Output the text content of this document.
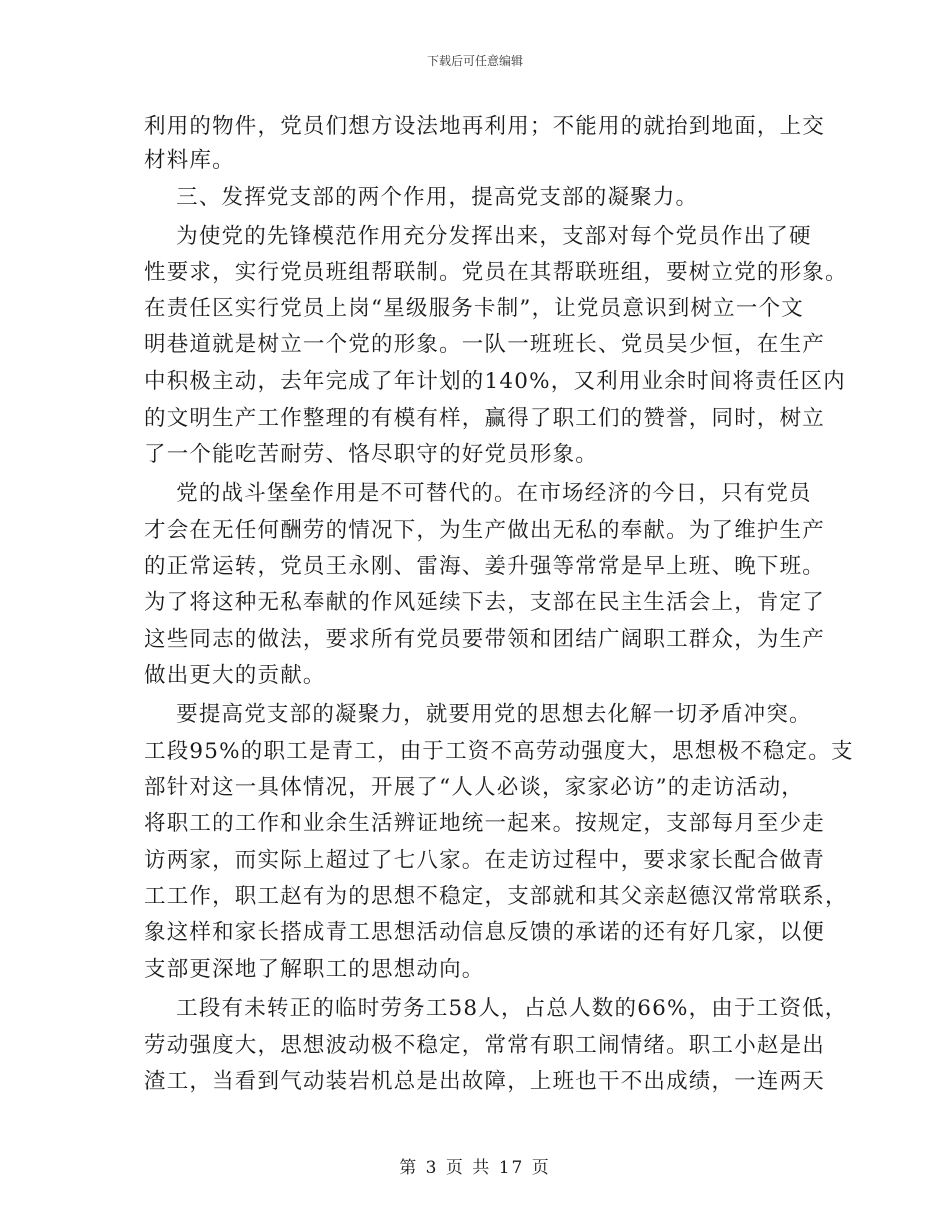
下载后可任意编辑
利用的物件，党员们想方设法地再利用；不能用的就抬到地面，上交
材料库。
三、发挥党支部的两个作用，提高党支部的凝聚力。
为使党的先锋模范作用充分发挥出来，支部对每个党员作出了硬
性要求，实行党员班组帮联制。党员在其帮联班组，要树立党的形象。
在责任区实行党员上岗“星级服务卡制”，让党员意识到树立一个文
明巷道就是树立一个党的形象。一队一班班长、党员吴少恒，在生产
中积极主动，去年完成了年计划的140%，又利用业余时间将责任区内
的文明生产工作整理的有模有样，赢得了职工们的赞誉，同时，树立
了一个能吃苦耐劳、恪尽职守的好党员形象。
党的战斗堡垒作用是不可替代的。在市场经济的今日，只有党员
才会在无任何酬劳的情况下，为生产做出无私的奉献。为了维护生产
的正常运转，党员王永刚、雷海、姜升强等常常是早上班、晚下班。
为了将这种无私奉献的作风延续下去，支部在民主生活会上，肯定了
这些同志的做法，要求所有党员要带领和团结广阔职工群众，为生产
做出更大的贡献。
要提高党支部的凝聚力，就要用党的思想去化解一切矛盾冲突。
工段95%的职工是青工，由于工资不高劳动强度大，思想极不稳定。支
部针对这一具体情况，开展了“人人必谈，家家必访”的走访活动，
将职工的工作和业余生活辨证地统一起来。按规定，支部每月至少走
访两家，而实际上超过了七八家。在走访过程中，要求家长配合做青
工工作，职工赵有为的思想不稳定，支部就和其父亲赵德汉常常联系，
象这样和家长搭成青工思想活动信息反馈的承诺的还有好几家，以便
支部更深地了解职工的思想动向。
工段有未转正的临时劳务工58人，占总人数的66%，由于工资低，
劳动强度大，思想波动极不稳定，常常有职工闹情绪。职工小赵是出
渣工，当看到气动装岩机总是出故障，上班也干不出成绩，一连两天
第 3 页 共 17 页
